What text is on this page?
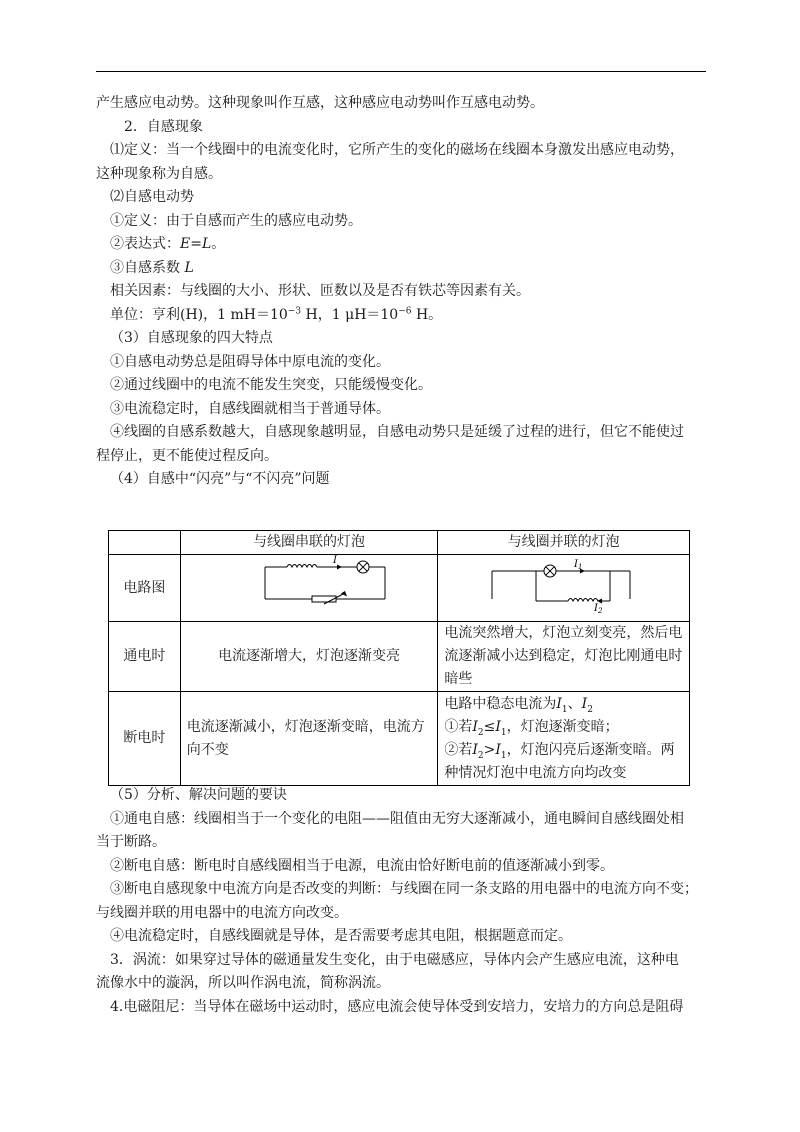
产生感应电动势。这种现象叫作互感，这种感应电动势叫作互感电动势。

2．自感现象

⑴定义：当一个线圈中的电流变化时，它所产生的变化的磁场在线圈本身激发出感应电动势，

这种现象称为自感。

⑵自感电动势

①定义：由于自感而产生的感应电动势。

②表达式：E=L。

③自感系数 L

相关因素：与线圈的大小、形状、匝数以及是否有铁芯等因素有关。

单位：亨利(H)，1 $mH=10^{-3}$ H，1 $\mu H=10^{-6}$ H。

（3）自感现象的四大特点

①自感电动势总是阻碍导体中原电流的变化。

②通过线圈中的电流不能发生突变，只能缓慢变化。

③电流稳定时，自感线圈就相当于普通导体。

④线圈的自感系数越大，自感现象越明显，自感电动势只是延缓了过程的进行，但它不能使过

程停止，更不能使过程反向。

（4）自感中“闪亮”与“不闪亮”问题

	与线圈串联的灯泡	与线圈并联的灯泡
电路图	I	$I_1$
$I_2$

通电时	电流逐渐增大，灯泡逐渐变亮	电流突然增大，灯泡立刻变亮，然后电流逐渐减小达到稳定，灯泡比刚通电时暗些
断电时	电流逐渐减小，灯泡逐渐变暗，电流方向不变	电路中稳态电流为$I_1$、$I_2$
①若$I_2\le I_1$，灯泡逐渐变暗；
②若$I_2>I_1$，灯泡闪亮后逐渐变暗。两种情况灯泡中电流方向均改变

（5）分析、解决问题的要诀

①通电自感：线圈相当于一个变化的电阻——阻值由无穷大逐渐减小，通电瞬间自感线圈处相

当于断路。

②断电自感：断电时自感线圈相当于电源，电流由恰好断电前的值逐渐减小到零。

③断电自感现象中电流方向是否改变的判断：与线圈在同一条支路的用电器中的电流方向不变；

与线圈并联的用电器中的电流方向改变。

④电流稳定时，自感线圈就是导体，是否需要考虑其电阻，根据题意而定。

3．涡流：如果穿过导体的磁通量发生变化，由于电磁感应，导体内会产生感应电流，这种电

流像水中的漩涡，所以叫作涡电流，简称涡流。

4.电磁阻尼：当导体在磁场中运动时，感应电流会使导体受到安培力，安培力的方向总是阻碍
